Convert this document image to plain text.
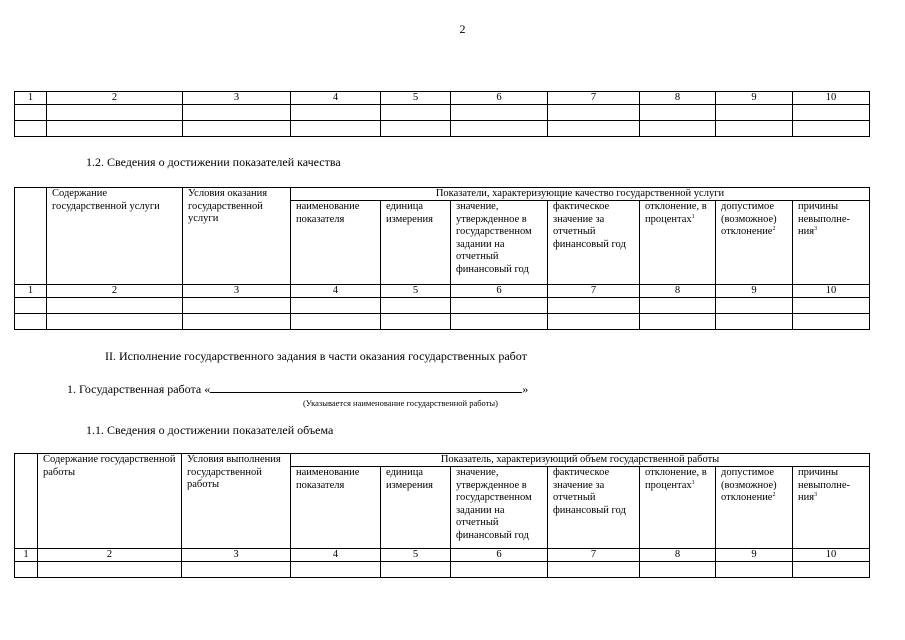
2
1	2	3	4	5	6	7	8	9	10

1.2. Сведения о достижении показателей качества
	Содержание государственной услуги	Условия оказания государственной услуги	Показатели, характеризующие качество государственной услуги						
			наименование показателя	единица измерения	значение, утвержденное в государственном задании на отчетный финансовый год	фактическое значение за отчетный финансовый год	отклонение, в процентах$^1$	допустимое (возможное) отклонение$^2$	причины невыполне-ния$^3$
1	2	3	4	5	6	7	8	9	10

II. Исполнение государственного задания в части оказания государственных работ
1. Государственная работа «	»
(Указывается наименование государственной работы)
1.1. Сведения о достижении показателей объема
	Содержание государственной работы	Условия выполнения государственной работы	Показатель, характеризующий объем государственной работы						
			наименование показателя	единица измерения	значение, утвержденное в государственном задании на отчетный финансовый год	фактическое значение за отчетный финансовый год	отклонение, в процентах$^1$	допустимое (возможное) отклонение$^2$	причины невыполне-ния$^3$
1	2	3	4	5	6	7	8	9	10
